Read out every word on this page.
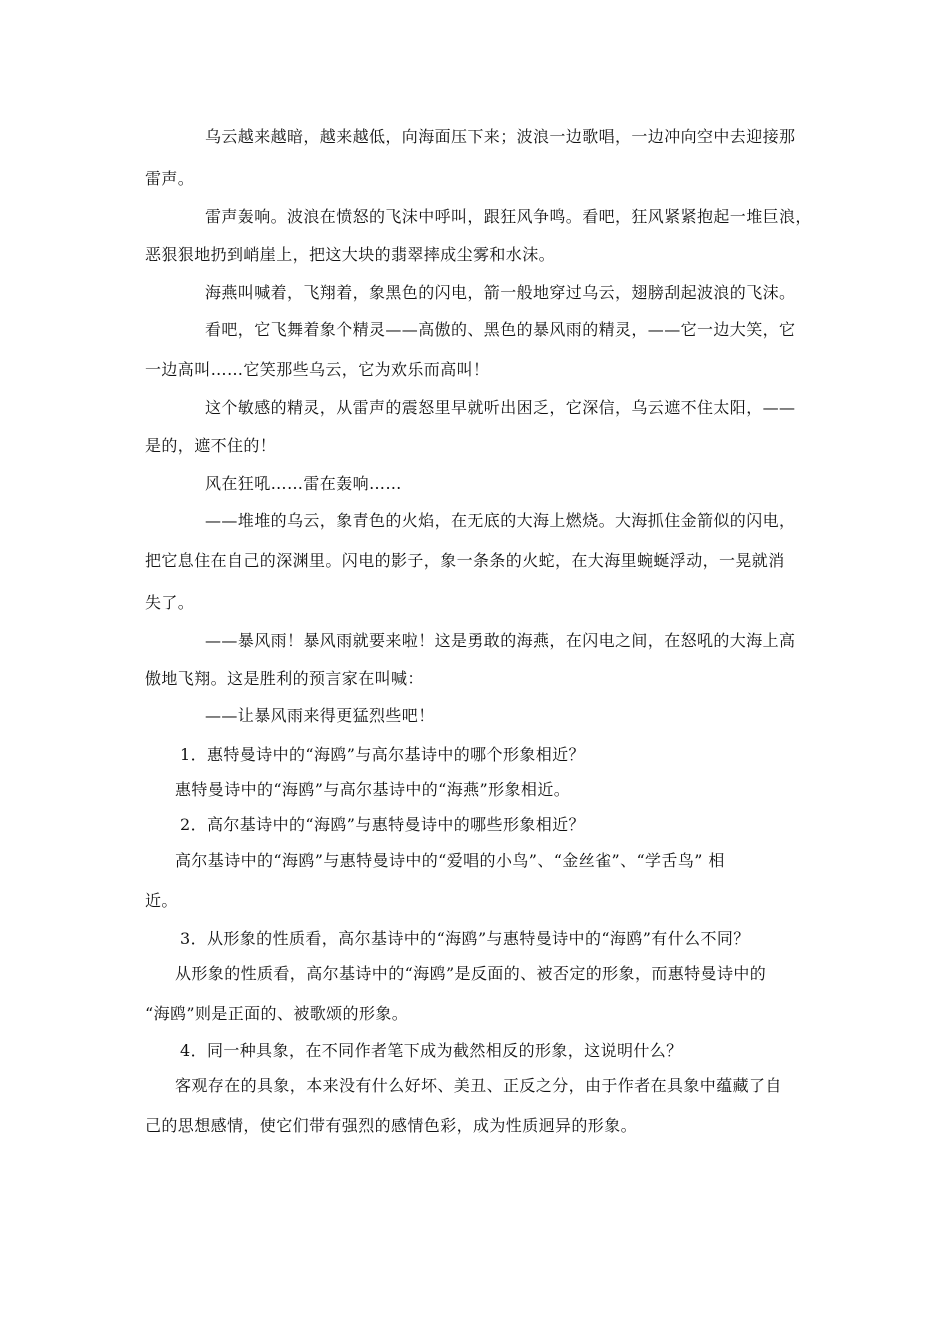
乌云越来越暗，越来越低，向海面压下来；波浪一边歌唱，一边冲向空中去迎接那
雷声。
雷声轰响。波浪在愤怒的飞沫中呼叫，跟狂风争鸣。看吧，狂风紧紧抱起一堆巨浪，
恶狠狠地扔到峭崖上，把这大块的翡翠摔成尘雾和水沫。
海燕叫喊着，飞翔着，象黑色的闪电，箭一般地穿过乌云，翅膀刮起波浪的飞沫。
看吧，它飞舞着象个精灵——高傲的、黑色的暴风雨的精灵，——它一边大笑，它
一边高叫……它笑那些乌云，它为欢乐而高叫！
这个敏感的精灵，从雷声的震怒里早就听出困乏，它深信，乌云遮不住太阳，——
是的，遮不住的！
风在狂吼……雷在轰响……
——堆堆的乌云，象青色的火焰，在无底的大海上燃烧。大海抓住金箭似的闪电，
把它息住在自己的深渊里。闪电的影子，象一条条的火蛇，在大海里蜿蜒浮动，一晃就消
失了。
——暴风雨！暴风雨就要来啦！这是勇敢的海燕，在闪电之间，在怒吼的大海上高
傲地飞翔。这是胜利的预言家在叫喊：
——让暴风雨来得更猛烈些吧！
1．惠特曼诗中的“海鸥”与高尔基诗中的哪个形象相近？
惠特曼诗中的“海鸥”与高尔基诗中的“海燕”形象相近。
2．高尔基诗中的“海鸥”与惠特曼诗中的哪些形象相近？
高尔基诗中的“海鸥”与惠特曼诗中的“爱唱的小鸟”、“金丝雀”、“学舌鸟” 相
近。
3．从形象的性质看，高尔基诗中的“海鸥”与惠特曼诗中的“海鸥”有什么不同？
从形象的性质看，高尔基诗中的“海鸥”是反面的、被否定的形象，而惠特曼诗中的
“海鸥”则是正面的、被歌颂的形象。
4．同一种具象，在不同作者笔下成为截然相反的形象，这说明什么？
客观存在的具象，本来没有什么好坏、美丑、正反之分，由于作者在具象中蕴藏了自
己的思想感情，使它们带有强烈的感情色彩，成为性质迥异的形象。
